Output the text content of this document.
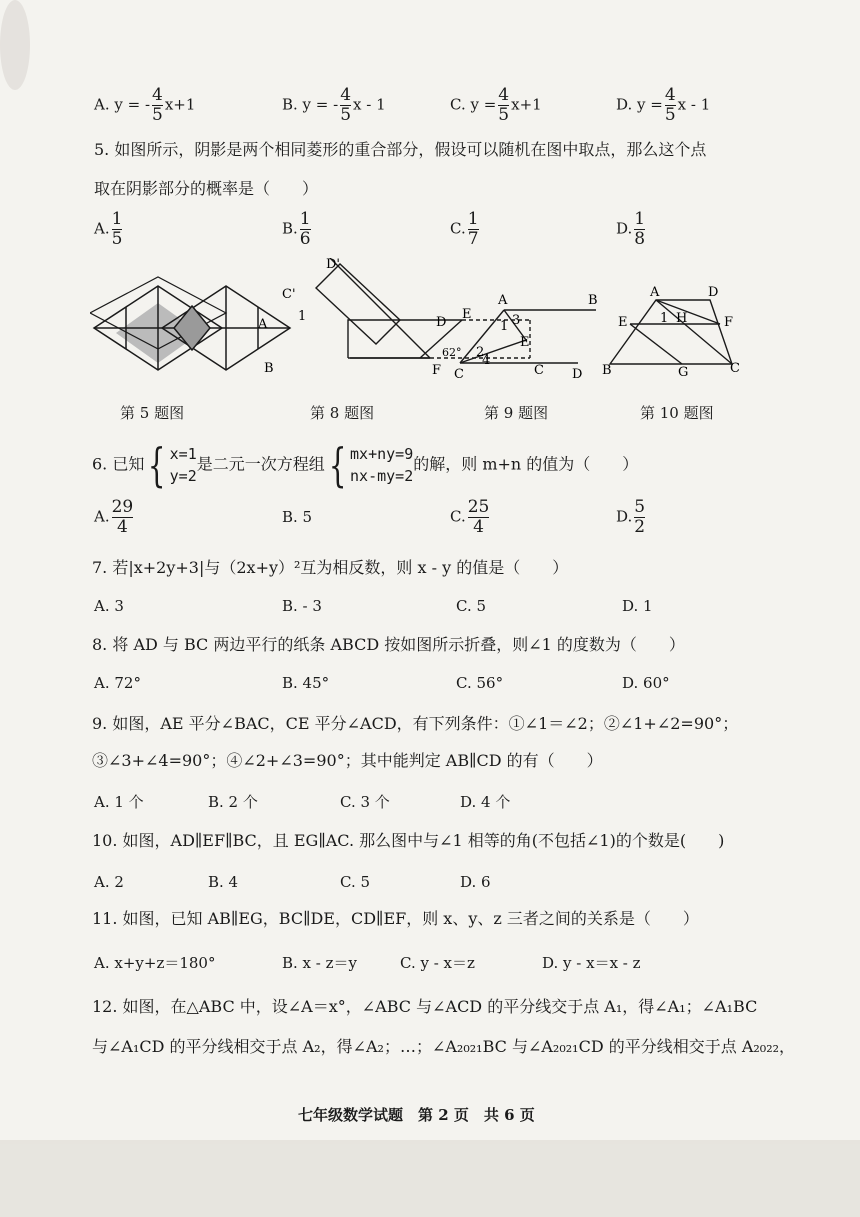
A. y = - $\frac{4}{5} x+1$	B. y = - $\frac{4}{5}$ x - 1	C. $y = \frac{4}{5} x+1$	D. $y = \frac{4}{5}$ x - 1
5. 如图所示，阴影是两个相同菱形的重合部分，假设可以随机在图中取点，那么这个点
取在阴影部分的概率是（　　）
A. $\frac{1}{5}$	B. $\frac{1}{6}$	C. $\frac{1}{7}$	D. $\frac{1}{8}$
A
B	F
E
D
C
C'
D'
1
62°
A	B
C	D
E
1 3
2
4
A	D
E	F
H
1
B	G	C
第 5 题图	第 8 题图	第 9 题图	第 10 题图
6. 已知 { x=1
y=2
是二元一次方程组 { mx+ny=9
nx-my=2
的解，则 m+n 的值为（　　）
A. $\frac{29}{4}$	B. 5	C. $\frac{25}{4}$	D. $\frac{5}{2}$
7. 若|x+2y+3|与（2x+y）²互为相反数，则 x - y 的值是（　　）
A. 3	B. - 3	C. 5	D. 1
8. 将 AD 与 BC 两边平行的纸条 ABCD 按如图所示折叠，则∠1 的度数为（　　）
A. 72°	B. 45°	C. 56°	D. 60°
9. 如图，AE 平分∠BAC，CE 平分∠ACD，有下列条件：①∠1＝∠2；②∠1+∠2=90°；
③∠3+∠4=90°；④∠2+∠3=90°；其中能判定 AB∥CD 的有（　　）
A. 1 个	B. 2 个	C. 3 个	D. 4 个
10. 如图，AD∥EF∥BC，且 EG∥AC. 那么图中与∠1 相等的角(不包括∠1)的个数是(　　)
A. 2	B. 4	C. 5	D. 6
11. 如图，已知 AB∥EG，BC∥DE，CD∥EF，则 x、y、z 三者之间的关系是（　　）
A. x+y+z＝180°	B. x - z＝y	C. y - x＝z	D. y - x＝x - z
12. 如图，在△ABC 中，设∠A＝x°，∠ABC 与∠ACD 的平分线交于点 A₁，得∠A₁；∠A₁BC
与∠A₁CD 的平分线相交于点 A₂，得∠A₂；…；∠A₂₀₂₁BC 与∠A₂₀₂₁CD 的平分线相交于点 A₂₀₂₂，
七年级数学试题　第 2 页　共 6 页
